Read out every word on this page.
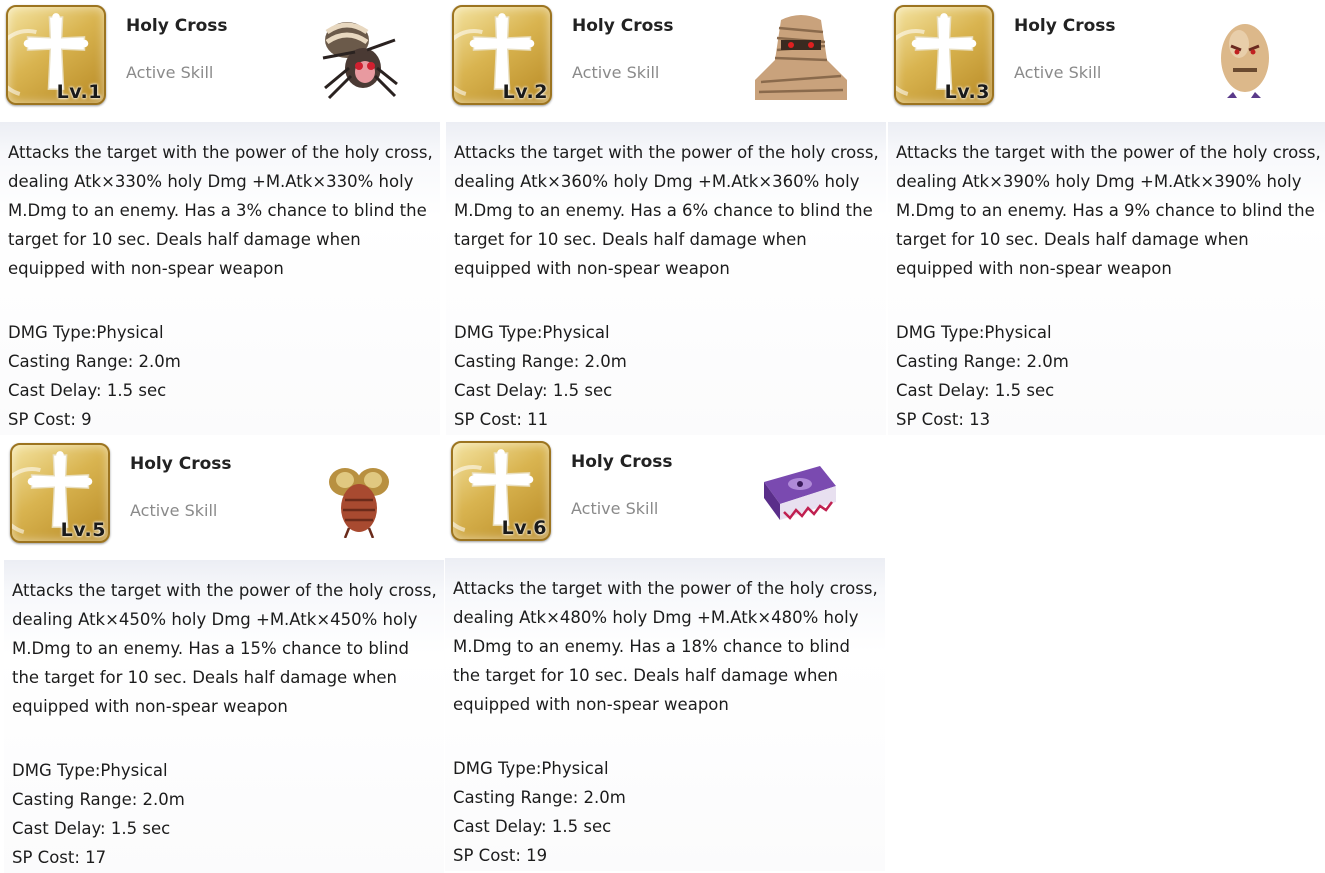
Lv.1
Holy Cross
Active Skill
Attacks the target with the power of the holy cross, dealing Atk×330% holy Dmg +M.Atk×330% holy M.Dmg to an enemy. Has a 3% chance to blind the target for 10 sec. Deals half damage when equipped with non-spear weapon
DMG Type:Physical
Casting Range: 2.0m
Cast Delay: 1.5 sec
SP Cost: 9
Lv.2
Holy Cross
Active Skill
Attacks the target with the power of the holy cross, dealing Atk×360% holy Dmg +M.Atk×360% holy M.Dmg to an enemy. Has a 6% chance to blind the target for 10 sec. Deals half damage when equipped with non-spear weapon
DMG Type:Physical
Casting Range: 2.0m
Cast Delay: 1.5 sec
SP Cost: 11
Lv.3
Holy Cross
Active Skill
Attacks the target with the power of the holy cross, dealing Atk×390% holy Dmg +M.Atk×390% holy M.Dmg to an enemy. Has a 9% chance to blind the target for 10 sec. Deals half damage when equipped with non-spear weapon
DMG Type:Physical
Casting Range: 2.0m
Cast Delay: 1.5 sec
SP Cost: 13
Lv.5
Holy Cross
Active Skill
Attacks the target with the power of the holy cross, dealing Atk×450% holy Dmg +M.Atk×450% holy M.Dmg to an enemy. Has a 15% chance to blind the target for 10 sec. Deals half damage when equipped with non-spear weapon
DMG Type:Physical
Casting Range: 2.0m
Cast Delay: 1.5 sec
SP Cost: 17
Lv.6
Holy Cross
Active Skill
Attacks the target with the power of the holy cross, dealing Atk×480% holy Dmg +M.Atk×480% holy M.Dmg to an enemy. Has a 18% chance to blind the target for 10 sec. Deals half damage when equipped with non-spear weapon
DMG Type:Physical
Casting Range: 2.0m
Cast Delay: 1.5 sec
SP Cost: 19
